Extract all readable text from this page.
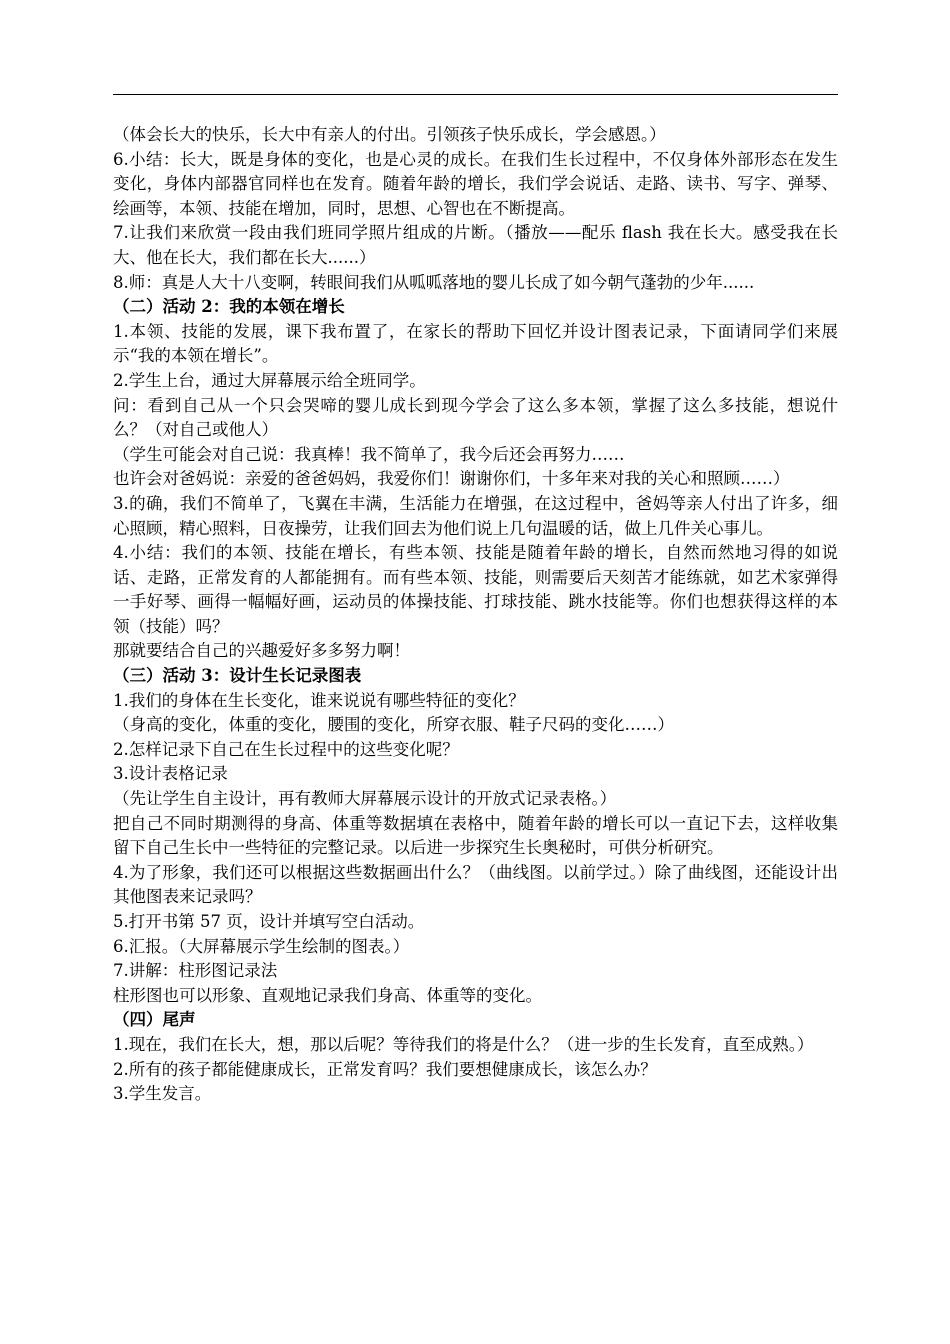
（体会长大的快乐，长大中有亲人的付出。引领孩子快乐成长，学会感恩。）

6.小结：长大，既是身体的变化，也是心灵的成长。在我们生长过程中，不仅身体外部形态在发生变化，身体内部器官同样也在发育。随着年龄的增长，我们学会说话、走路、读书、写字、弹琴、绘画等，本领、技能在增加，同时，思想、心智也在不断提高。

7.让我们来欣赏一段由我们班同学照片组成的片断。（播放——配乐 flash 我在长大。感受我在长大、他在长大，我们都在长大......）

8.师：真是人大十八变啊，转眼间我们从呱呱落地的婴儿长成了如今朝气蓬勃的少年......

（二）活动 2：我的本领在增长

1.本领、技能的发展，课下我布置了，在家长的帮助下回忆并设计图表记录，下面请同学们来展示“我的本领在增长”。

2.学生上台，通过大屏幕展示给全班同学。

问：看到自己从一个只会哭啼的婴儿成长到现今学会了这么多本领，掌握了这么多技能，想说什么？（对自己或他人）

（学生可能会对自己说：我真棒！我不简单了，我今后还会再努力……

也许会对爸妈说：亲爱的爸爸妈妈，我爱你们！谢谢你们，十多年来对我的关心和照顾……）

3.的确，我们不简单了，飞翼在丰满，生活能力在增强，在这过程中，爸妈等亲人付出了许多，细心照顾，精心照料，日夜操劳，让我们回去为他们说上几句温暖的话，做上几件关心事儿。

4.小结：我们的本领、技能在增长，有些本领、技能是随着年龄的增长，自然而然地习得的如说话、走路，正常发育的人都能拥有。而有些本领、技能，则需要后天刻苦才能练就，如艺术家弹得一手好琴、画得一幅幅好画，运动员的体操技能、打球技能、跳水技能等。你们也想获得这样的本领（技能）吗？

那就要结合自己的兴趣爱好多多努力啊！

（三）活动 3：设计生长记录图表

1.我们的身体在生长变化，谁来说说有哪些特征的变化？

（身高的变化，体重的变化，腰围的变化，所穿衣服、鞋子尺码的变化……）

2.怎样记录下自己在生长过程中的这些变化呢？

3.设计表格记录

（先让学生自主设计，再有教师大屏幕展示设计的开放式记录表格。）

把自己不同时期测得的身高、体重等数据填在表格中，随着年龄的增长可以一直记下去，这样收集留下自己生长中一些特征的完整记录。以后进一步探究生长奥秘时，可供分析研究。

4.为了形象，我们还可以根据这些数据画出什么？（曲线图。以前学过。）除了曲线图，还能设计出其他图表来记录吗？

5.打开书第 57 页，设计并填写空白活动。

6.汇报。（大屏幕展示学生绘制的图表。）

7.讲解：柱形图记录法

柱形图也可以形象、直观地记录我们身高、体重等的变化。

（四）尾声

1.现在，我们在长大，想，那以后呢？等待我们的将是什么？（进一步的生长发育，直至成熟。）

2.所有的孩子都能健康成长，正常发育吗？我们要想健康成长，该怎么办？

3.学生发言。
